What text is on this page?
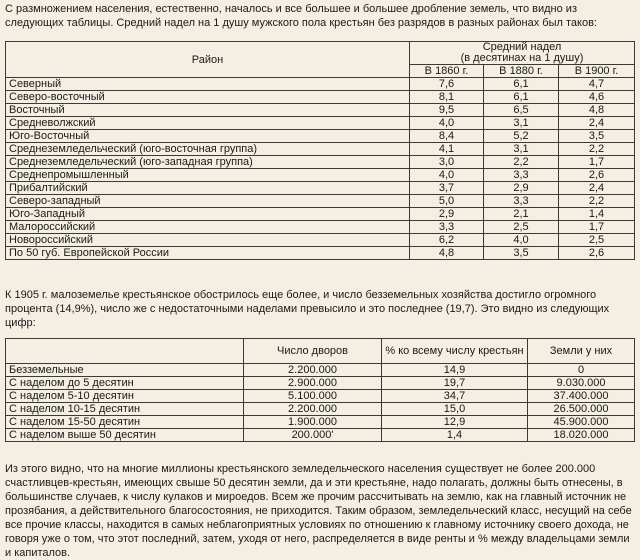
С размножением населения, естественно, началось и все большее и большее дробление земель, что видно из следующих таблицы. Средний надел на 1 душу мужского пола крестьян без разрядов в разных районах был таков:

Район	Средний надел
(в десятинах на 1 душу)		
	В 1860 г.	В 1880 г.	В 1900 г.
Северный	7,6	6,1	4,7
Северо-восточный	8,1	6,1	4,6
Восточный	9,5	6,5	4,8
Средневолжский	4,0	3,1	2,4
Юго-Восточный	8,4	5,2	3,5
Среднеземледельческий (юго-восточная группа)	4,1	3,1	2,2
Среднеземледельческий (юго-западная группа)	3,0	2,2	1,7
Среднепромышленный	4,0	3,3	2,6
Прибалтийский	3,7	2,9	2,4
Северо-западный	5,0	3,3	2,2
Юго-Западный	2,9	2,1	1,4
Малороссийский	3,3	2,5	1,7
Новороссийский	6,2	4,0	2,5
По 50 губ. Европейской России	4,8	3,5	2,6

К 1905 г. малоземелье крестьянское обострилось еще более, и число безземельных хозяйства достигло огромного процента (14,9%), число же с недостаточными наделами превысило и это последнее (19,7). Это видно из следующих цифр:

	Число дворов	% ко всему числу крестьян	Земли у них
Безземельные	2.200.000	14,9	0
С наделом до 5 десятин	2.900.000	19,7	9.030.000
С наделом 5-10 десятин	5.100.000	34,7	37.400.000
С наделом 10-15 десятин	2.200.000	15,0	26.500.000
С наделом 15-50 десятин	1.900.000	12,9	45.900.000
С наделом выше 50 десятин	200.000'	1,4	18.020.000

Из этого видно, что на многие миллионы крестьянского земледельческого населения существует не более 200.000 счастливцев-крестьян, имеющих свыше 50 десятин земли, да и эти крестьяне, надо полагать, должны быть отнесены, в большинстве случаев, к числу кулаков и мироедов. Всем же прочим рассчитывать на землю, как на главный источник не прозябания, а действительного благосостояния, не приходится. Таким образом, земледельческий класс, несущий на себе все прочие классы, находится в самых неблагоприятных условиях по отношению к главному источнику своего дохода, не говоря уже о том, что этот последний, затем, уходя от него, распределяется в виде ренты и % между владельцами земли и капиталов.
